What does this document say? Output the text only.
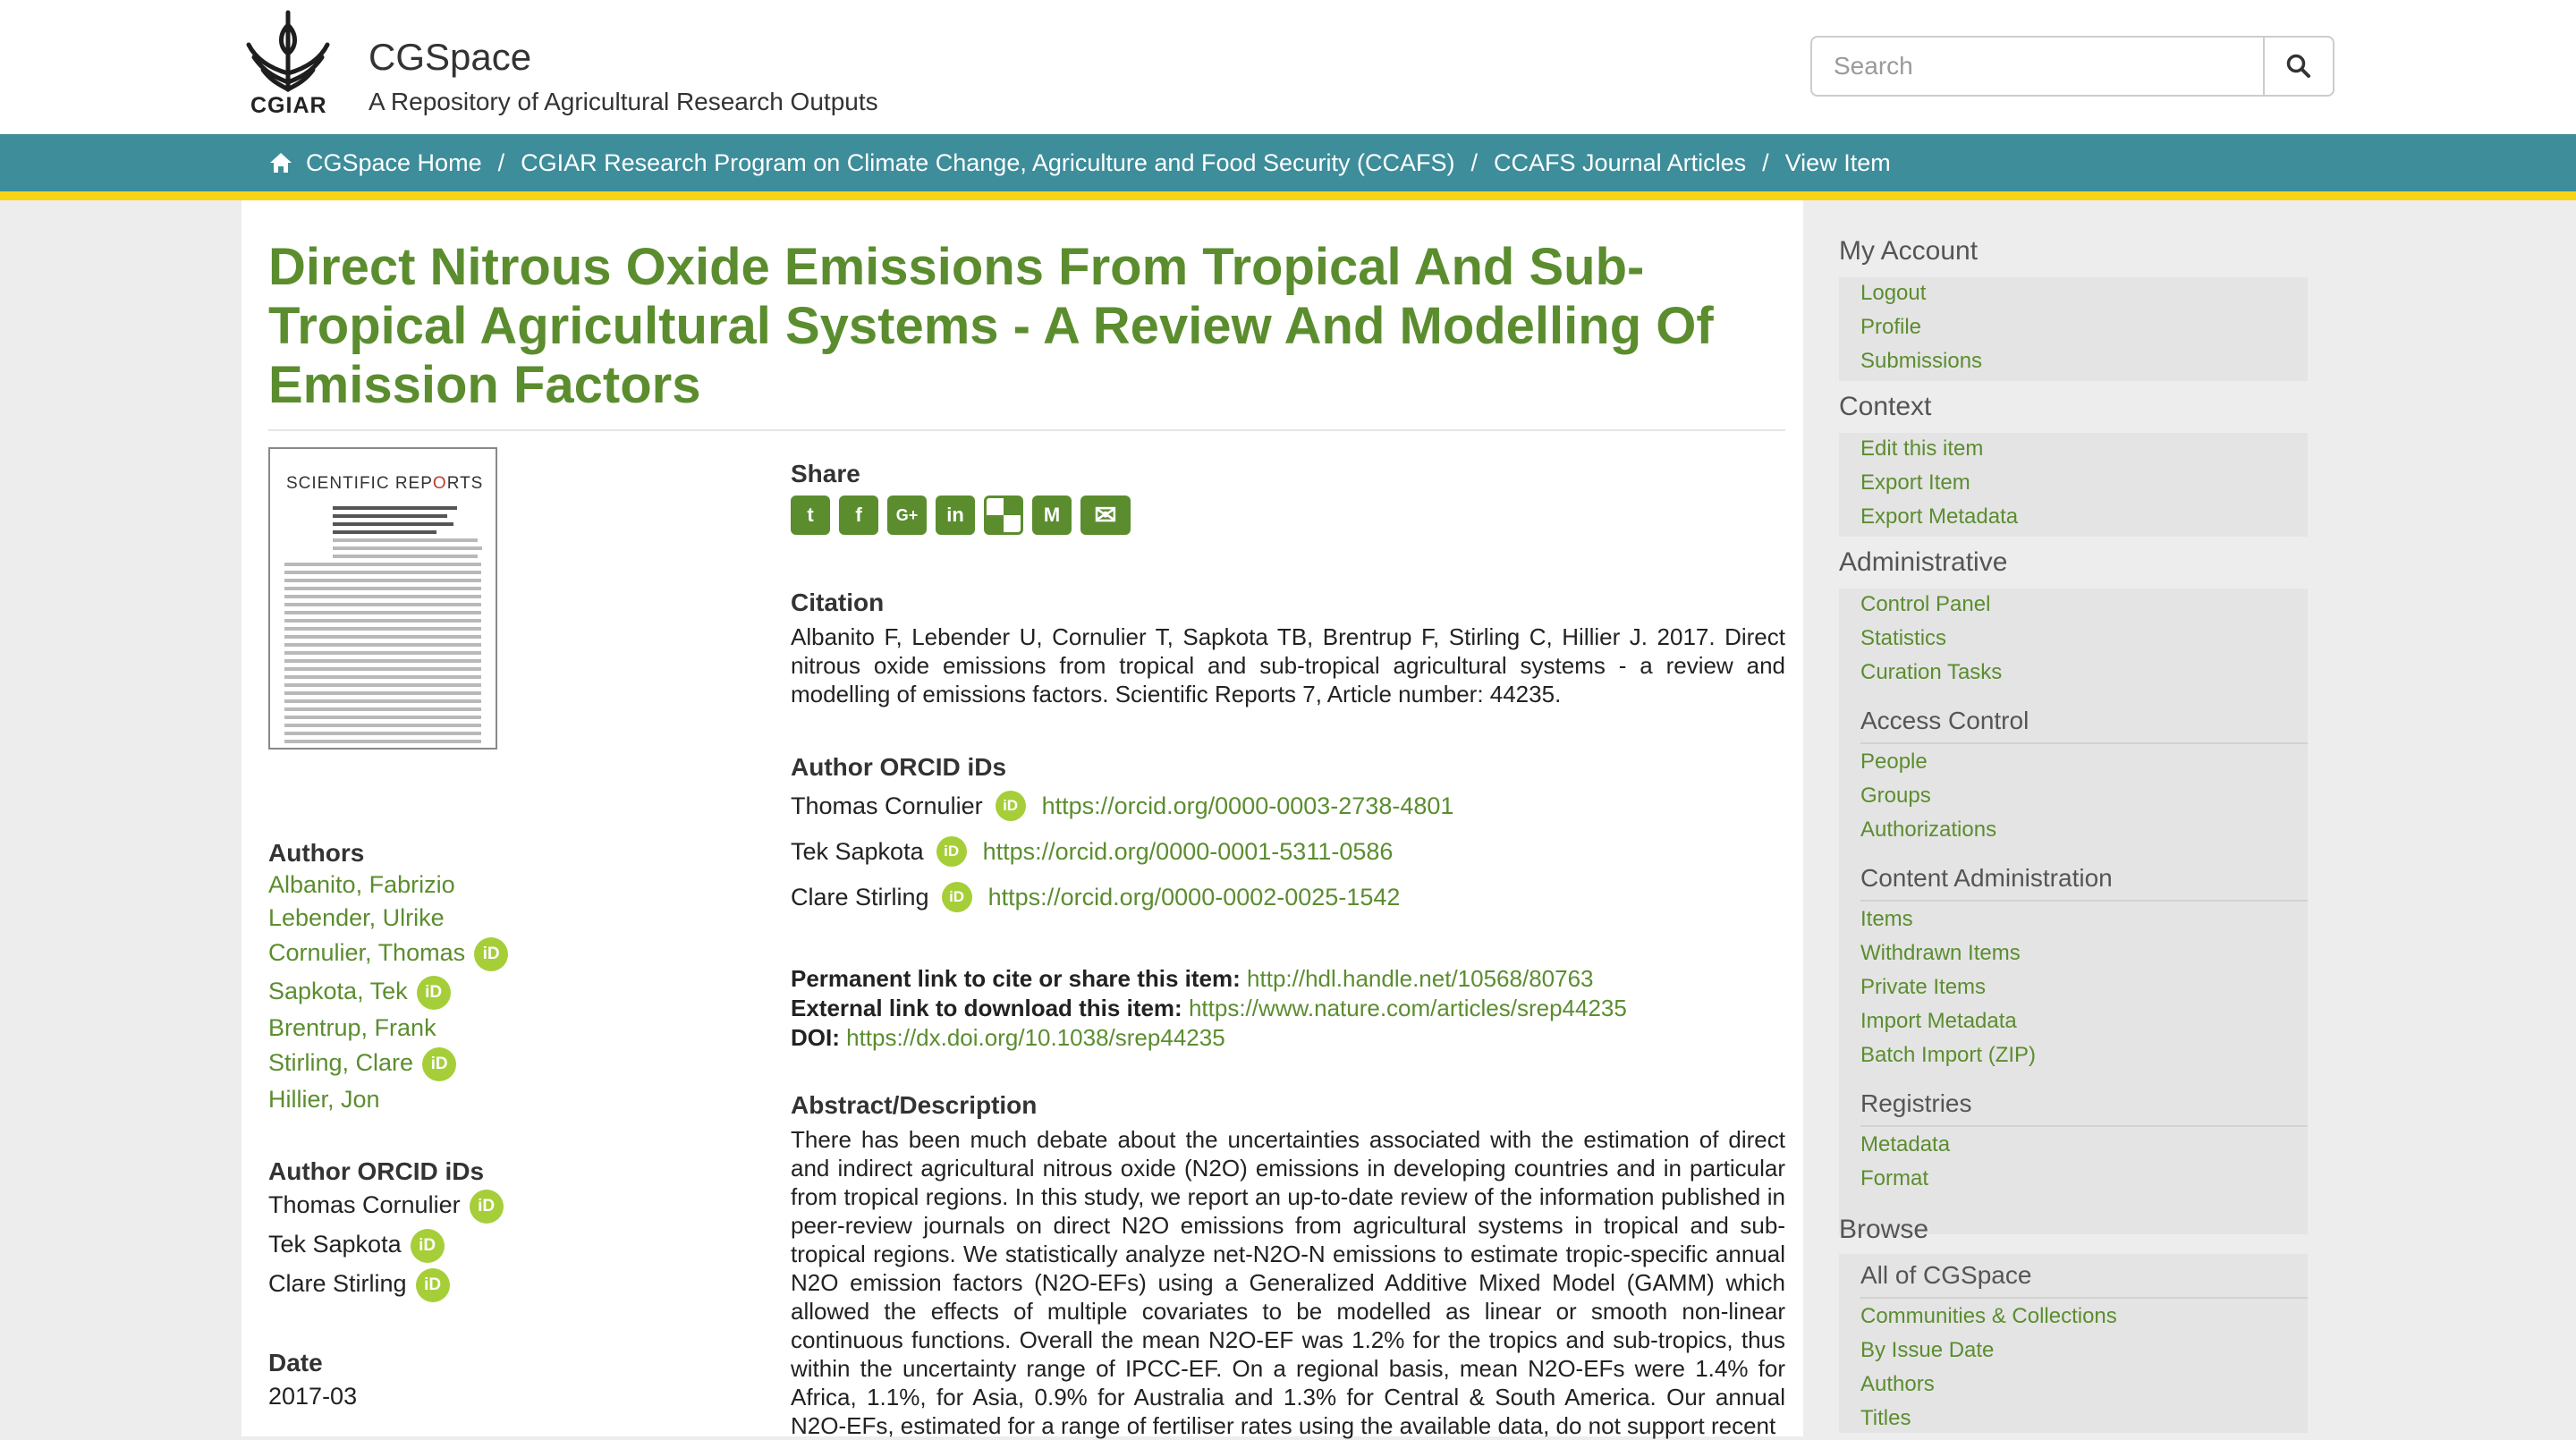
CGIAR
CGSpace
A Repository of Agricultural Research Outputs
Search
CGSpace Home / CGIAR Research Program on Climate Change, Agriculture and Food Security (CCAFS) / CCAFS Journal Articles / View Item
Direct Nitrous Oxide Emissions From Tropical And Sub-Tropical Agricultural Systems - A Review And Modelling Of Emission Factors
SCIENTIFIC REPORTS
Authors
Albanito, Fabrizio
Lebender, Ulrike
Cornulier, Thomas iD
Sapkota, Tek iD
Brentrup, Frank
Stirling, Clare iD
Hillier, Jon
Author ORCID iDs
Thomas Cornulier iD
Tek Sapkota iD
Clare Stirling iD
Date
2017-03
Share
t	f	G+	in	M	✉
Citation
Albanito F, Lebender U, Cornulier T, Sapkota TB, Brentrup F, Stirling C, Hillier J. 2017. Direct nitrous oxide emissions from tropical and sub-tropical agricultural systems - a review and modelling of emissions factors. Scientific Reports 7, Article number: 44235.
Author ORCID iDs
Thomas Cornulier	iD https://orcid.org/0000-0003-2738-4801
Tek Sapkota	iD https://orcid.org/0000-0001-5311-0586
Clare Stirling	iD https://orcid.org/0000-0002-0025-1542
Permanent link to cite or share this item: http://hdl.handle.net/10568/80763
External link to download this item: https://www.nature.com/articles/srep44235
DOI: https://dx.doi.org/10.1038/srep44235
Abstract/Description
There has been much debate about the uncertainties associated with the estimation of direct and indirect agricultural nitrous oxide (N2O) emissions in developing countries and in particular from tropical regions. In this study, we report an up-to-date review of the information published in peer-review journals on direct N2O emissions from agricultural systems in tropical and sub-tropical regions. We statistically analyze net-N2O-N emissions to estimate tropic-specific annual N2O emission factors (N2O-EFs) using a Generalized Additive Mixed Model (GAMM) which allowed the effects of multiple covariates to be modelled as linear or smooth non-linear continuous functions. Overall the mean N2O-EF was 1.2% for the tropics and sub-tropics, thus within the uncertainty range of IPCC-EF. On a regional basis, mean N2O-EFs were 1.4% for Africa, 1.1%, for Asia, 0.9% for Australia and 1.3% for Central & South America. Our annual N2O-EFs, estimated for a range of fertiliser rates using the available data, do not support recent
My Account
Logout
Profile
Submissions
Context
Edit this item
Export Item
Export Metadata
Administrative
Control Panel
Statistics
Curation Tasks
Access Control
People
Groups
Authorizations
Content Administration
Items
Withdrawn Items
Private Items
Import Metadata
Batch Import (ZIP)
Registries
Metadata
Format
Browse
All of CGSpace
Communities & Collections
By Issue Date
Authors
Titles
